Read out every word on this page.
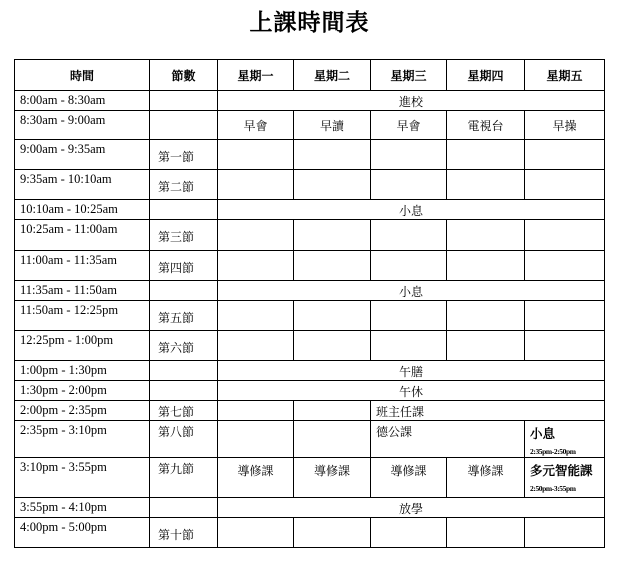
上課時間表
時間	節數	星期一	星期二	星期三	星期四	星期五
8:00am - 8:30am		進校				
8:30am - 9:00am		早會	早讀	早會	電視台	早操
9:00am - 9:35am	第一節					
9:35am - 10:10am	第二節					
10:10am - 10:25am		小息				
10:25am - 11:00am	第三節					
11:00am - 11:35am	第四節					
11:35am - 11:50am		小息				
11:50am - 12:25pm	第五節					
12:25pm - 1:00pm	第六節					
1:00pm - 1:30pm		午膳				
1:30pm - 2:00pm		午休				
2:00pm - 2:35pm	第七節			班主任課		
2:35pm - 3:10pm	第八節			德公課		小息
2:35pm-2:50pm

3:10pm - 3:55pm	第九節	導修課	導修課	導修課	導修課	多元智能課
2:50pm-3:55pm

3:55pm - 4:10pm		放學				
4:00pm - 5:00pm	第十節					
